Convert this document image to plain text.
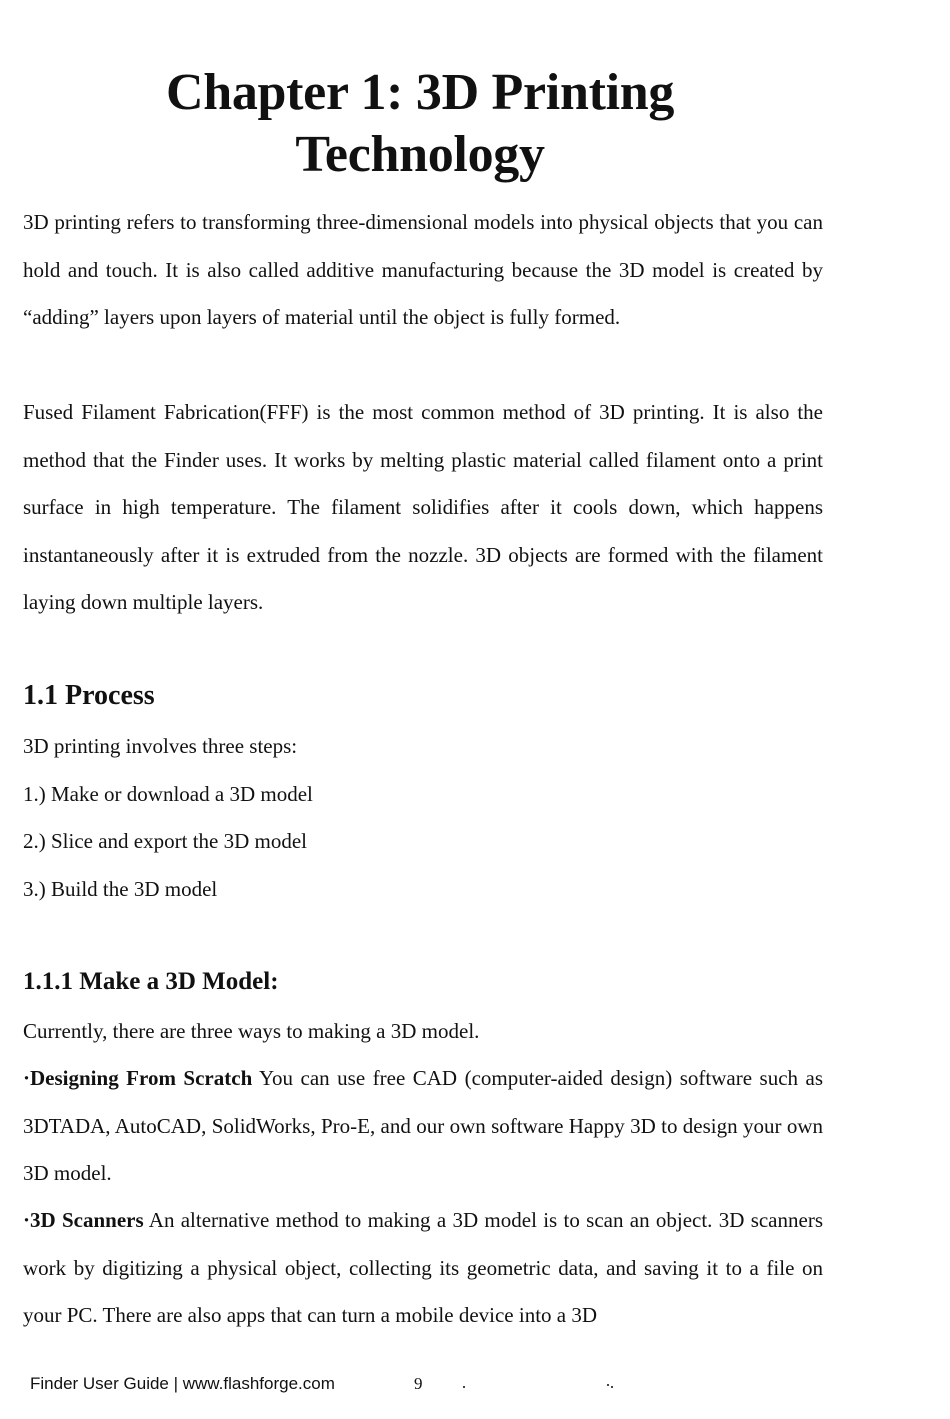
Chapter 1: 3D Printing
Technology

3D printing refers to transforming three-dimensional models into physical objects that you can hold and touch. It is also called additive manufacturing because the 3D model is created by “adding” layers upon layers of material until the object is fully formed.

Fused Filament Fabrication(FFF) is the most common method of 3D printing. It is also the method that the Finder uses. It works by melting plastic material called filament onto a print surface in high temperature. The filament solidifies after it cools down, which happens instantaneously after it is extruded from the nozzle. 3D objects are formed with the filament laying down multiple layers.

1.1 Process

3D printing involves three steps:

1.) Make or download a 3D model

2.) Slice and export the 3D model

3.) Build the 3D model

1.1.1 Make a 3D Model:

Currently, there are three ways to making a 3D model.

·Designing From Scratch You can use free CAD (computer-aided design) software such as 3DTADA, AutoCAD, SolidWorks, Pro-E, and our own software Happy 3D to design your own 3D model.

·3D Scanners An alternative method to making a 3D model is to scan an object. 3D scanners work by digitizing a physical object, collecting its geometric data, and saving it to a file on your PC. There are also apps that can turn a mobile device into a 3D

Finder User Guide | www.flashforge.com	9
